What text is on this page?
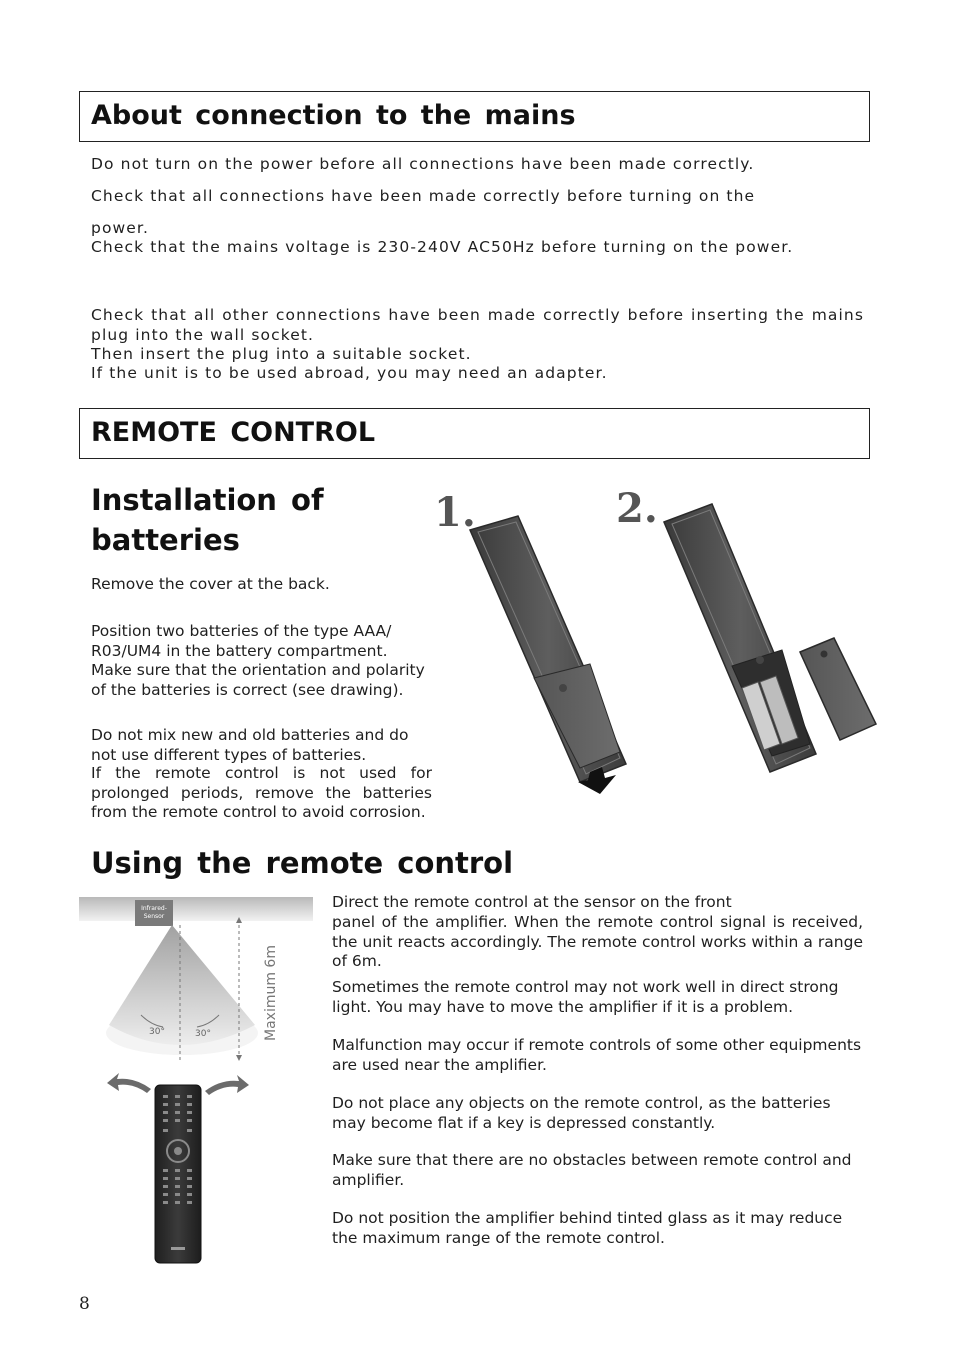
About connection to the mains

Do not turn on the power before all connections have been made correctly.

Check that all connections have been made correctly before turning on the

power.

Check that the mains voltage is 230-240V AC50Hz before turning on the power.

Check that all other connections have been made correctly before inserting the mains plug into the wall socket.

Then insert the plug into a suitable socket.

If the unit is to be used abroad, you may need an adapter.

REMOTE CONTROL
Installation of batteries

Remove the cover at the back.

Position two batteries of the type AAA/ R03/UM4 in the battery compartment. Make sure that the orientation and polarity of the batteries is correct (see drawing).

Do not mix new and old batteries and do not use different types of batteries.

If the remote control is not used for prolonged periods, remove the batteries from the remote control to avoid corrosion.

1.	2.
Using the remote control
Infrared-
Sensor
30°	30°	Maximum 6m

Direct the remote control at the sensor on the front

panel of the amplifier. When the remote control signal is received, the unit reacts accordingly. The remote control works within a range of 6m.

Sometimes the remote control may not work well in direct strong light. You may have to move the amplifier if it is a problem.

Malfunction may occur if remote controls of some other equipments are used near the amplifier.

Do not place any objects on the remote control, as the batteries may become flat if a key is depressed constantly.

Make sure that there are no obstacles between remote control and amplifier.

Do not position the amplifier behind tinted glass as it may reduce the maximum range of the remote control.

8
